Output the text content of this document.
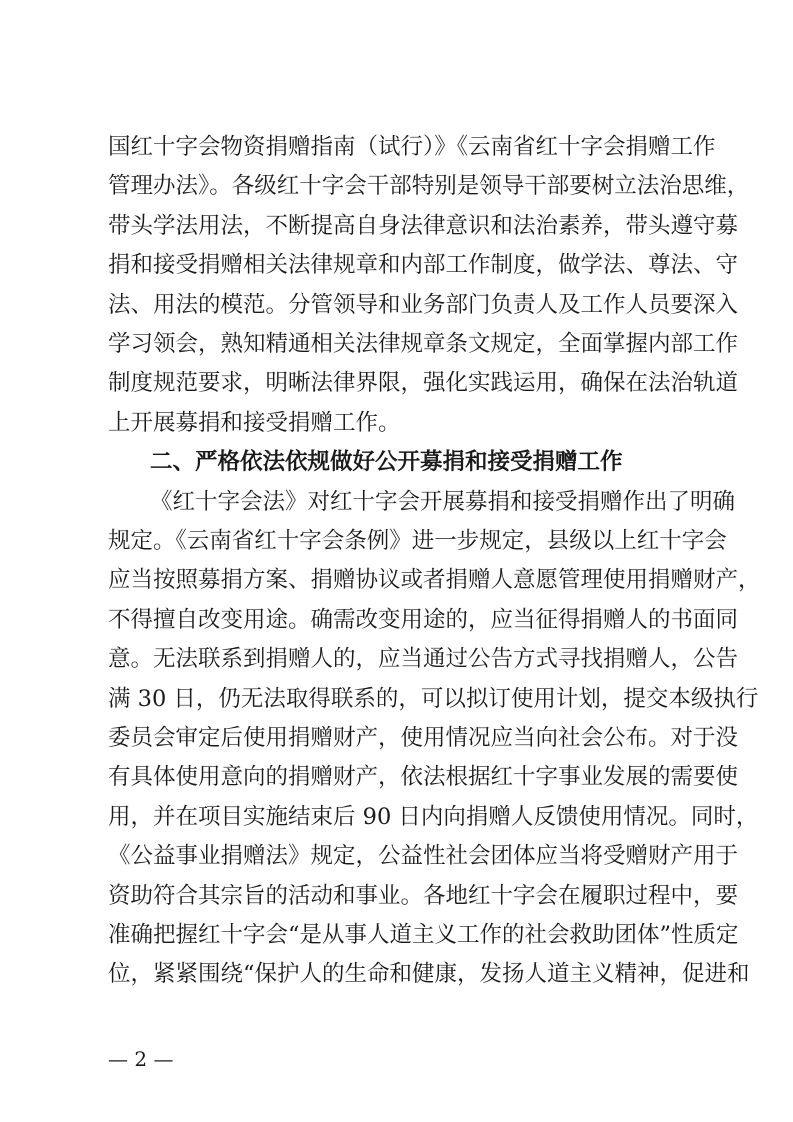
— 2 —
国红十字会物资捐赠指南（试行）》《云南省红十字会捐赠工作
管理办法》。各级红十字会干部特别是领导干部要树立法治思维，
带头学法用法，不断提高自身法律意识和法治素养，带头遵守募
捐和接受捐赠相关法律规章和内部工作制度，做学法、尊法、守
法、用法的模范。分管领导和业务部门负责人及工作人员要深入
学习领会，熟知精通相关法律规章条文规定，全面掌握内部工作
制度规范要求，明晰法律界限，强化实践运用，确保在法治轨道
上开展募捐和接受捐赠工作。
二、严格依法依规做好公开募捐和接受捐赠工作
《红十字会法》对红十字会开展募捐和接受捐赠作出了明确
规定。《云南省红十字会条例》进一步规定，县级以上红十字会
应当按照募捐方案、捐赠协议或者捐赠人意愿管理使用捐赠财产，
不得擅自改变用途。确需改变用途的，应当征得捐赠人的书面同
意。无法联系到捐赠人的，应当通过公告方式寻找捐赠人，公告
满 30 日，仍无法取得联系的，可以拟订使用计划，提交本级执行
委员会审定后使用捐赠财产，使用情况应当向社会公布。对于没
有具体使用意向的捐赠财产，依法根据红十字事业发展的需要使
用，并在项目实施结束后 90 日内向捐赠人反馈使用情况。同时，
《公益事业捐赠法》规定，公益性社会团体应当将受赠财产用于
资助符合其宗旨的活动和事业。各地红十字会在履职过程中，要
准确把握红十字会“是从事人道主义工作的社会救助团体”性质定
位，紧紧围绕“保护人的生命和健康，发扬人道主义精神，促进和
